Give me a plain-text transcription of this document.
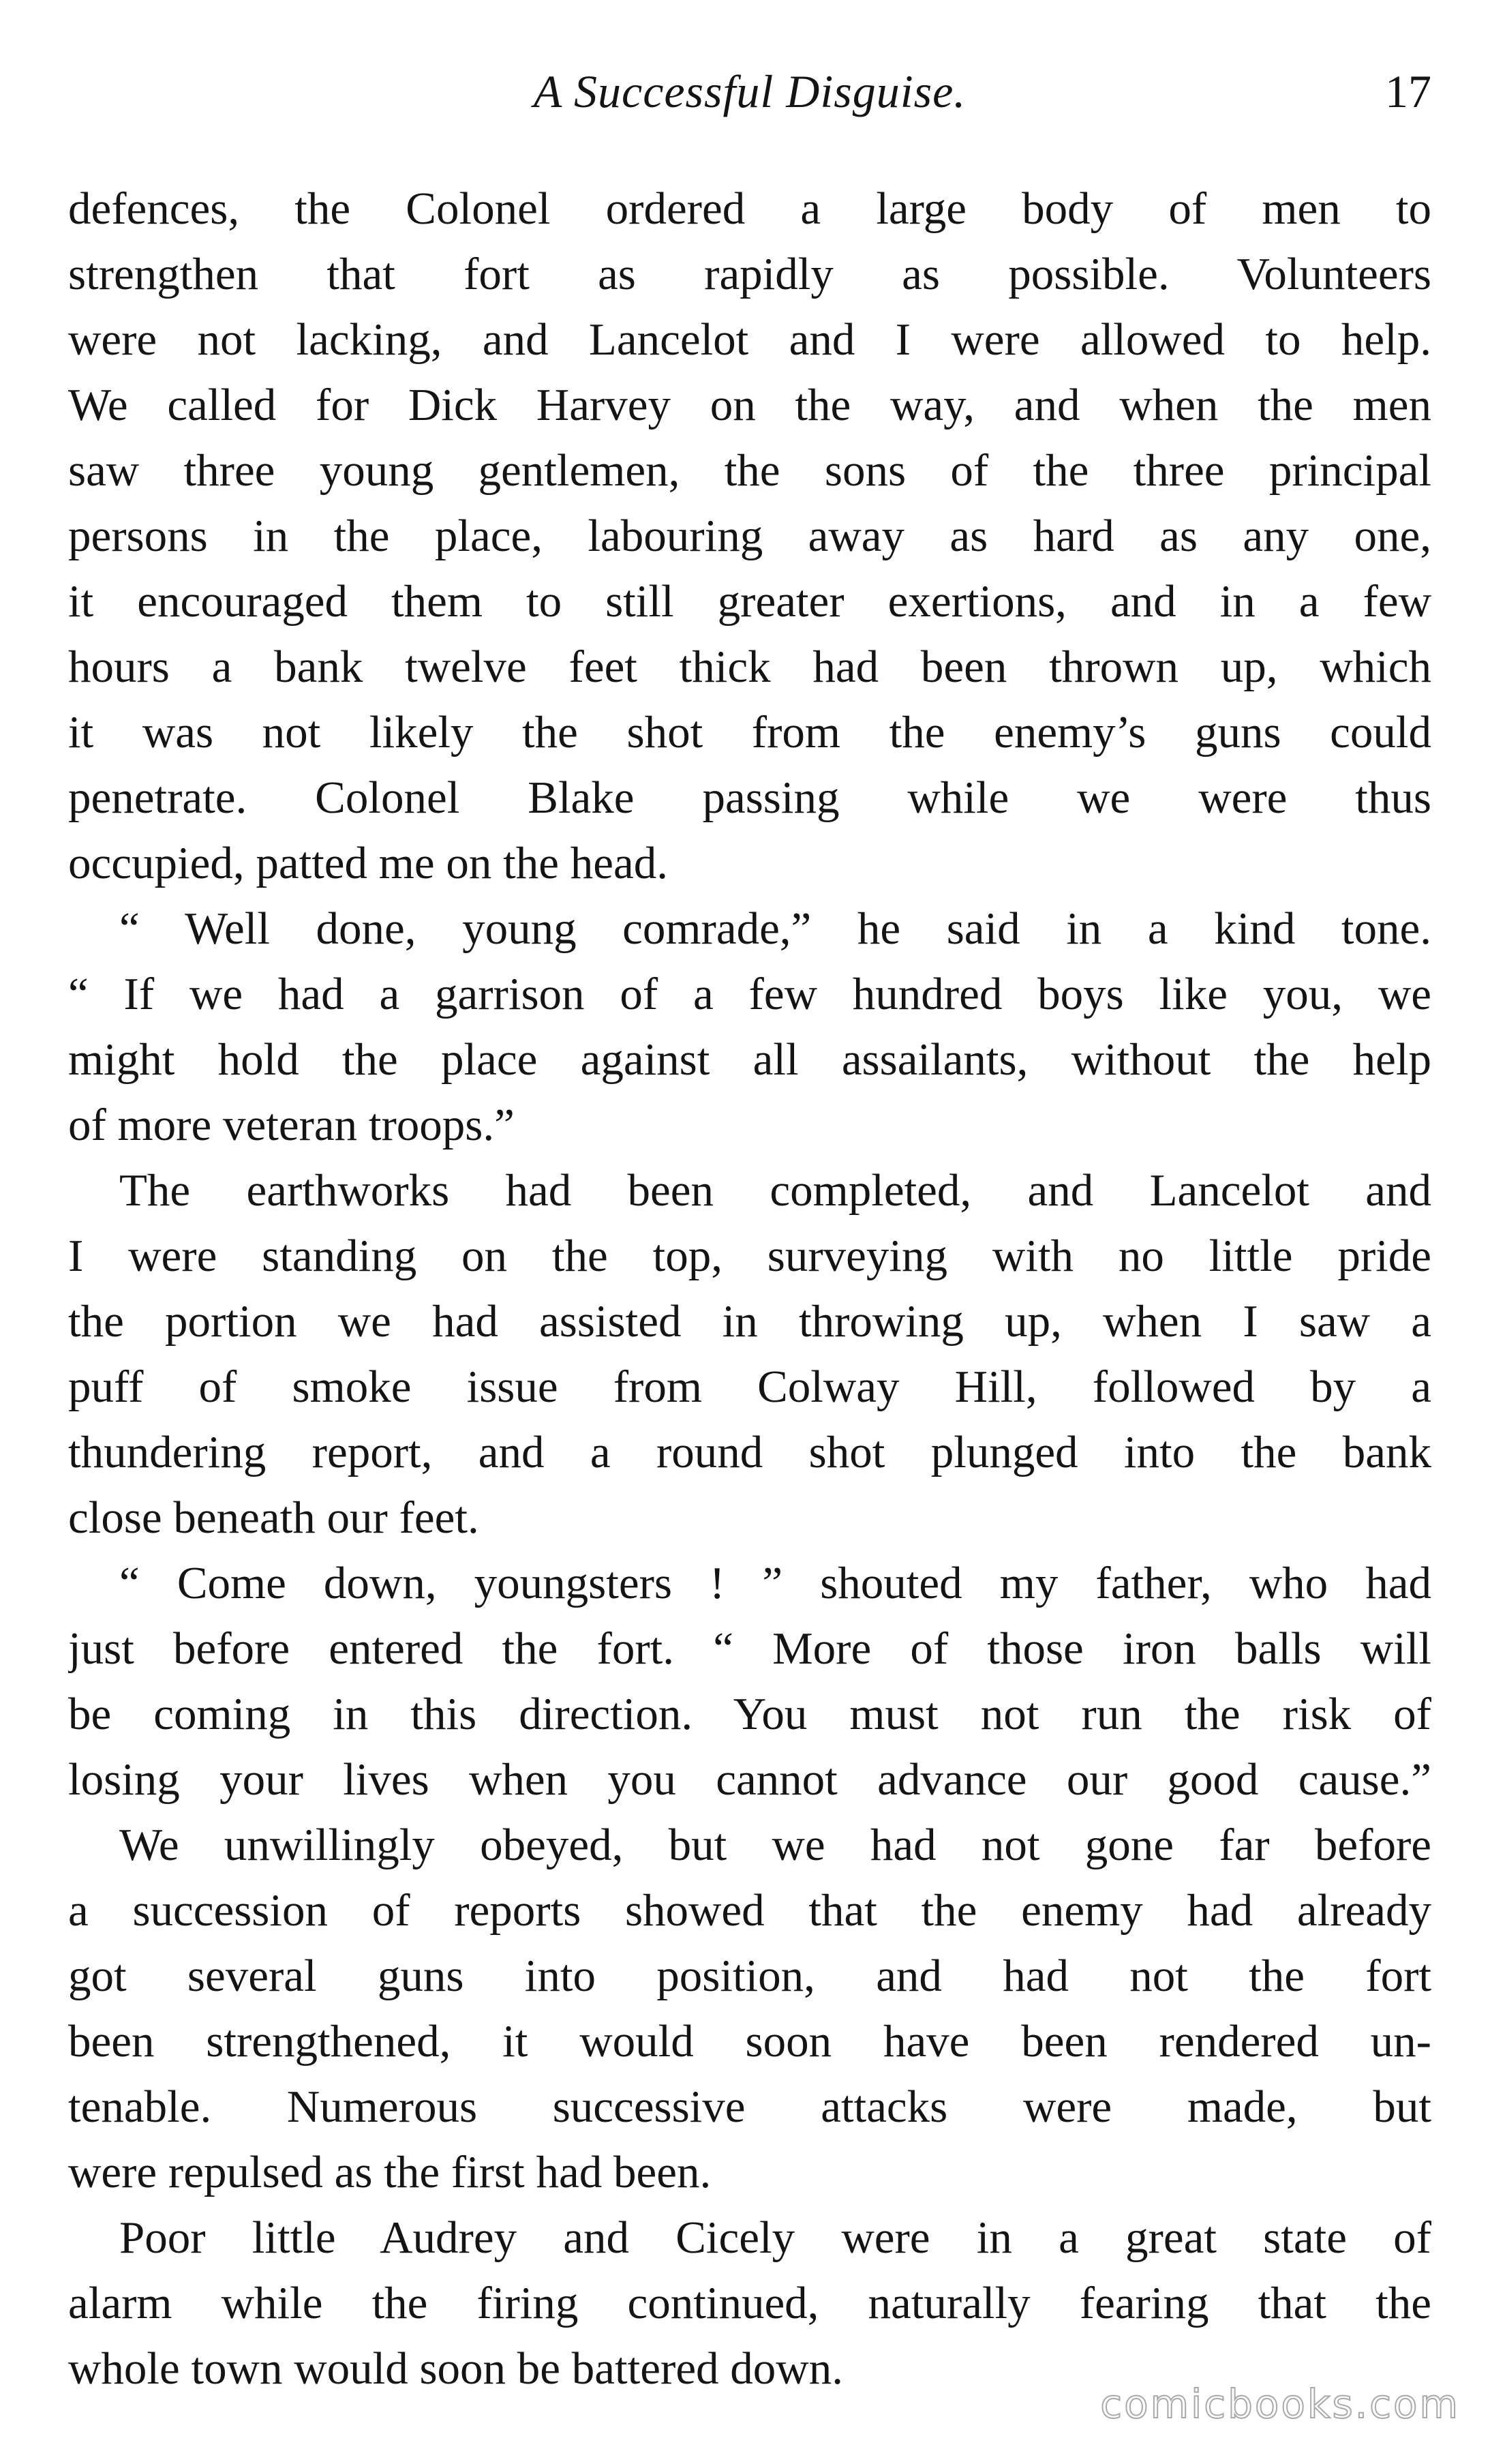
A Successful Disguise.	17
defences, the Colonel ordered a large body of men to
strengthen that fort as rapidly as possible. Volunteers
were not lacking, and Lancelot and I were allowed to help.
We called for Dick Harvey on the way, and when the men
saw three young gentlemen, the sons of the three principal
persons in the place, labouring away as hard as any one,
it encouraged them to still greater exertions, and in a few
hours a bank twelve feet thick had been thrown up, which
it was not likely the shot from the enemy’s guns could
penetrate. Colonel Blake passing while we were thus
occupied, patted me on the head.
“ Well done, young comrade,” he said in a kind tone.
“ If we had a garrison of a few hundred boys like you, we
might hold the place against all assailants, without the help
of more veteran troops.”
The earthworks had been completed, and Lancelot and
I were standing on the top, surveying with no little pride
the portion we had assisted in throwing up, when I saw a
puff of smoke issue from Colway Hill, followed by a
thundering report, and a round shot plunged into the bank
close beneath our feet.
“ Come down, youngsters ! ” shouted my father, who had
just before entered the fort. “ More of those iron balls will
be coming in this direction. You must not run the risk of
losing your lives when you cannot advance our good cause.”
We unwillingly obeyed, but we had not gone far before
a succession of reports showed that the enemy had already
got several guns into position, and had not the fort
been strengthened, it would soon have been rendered un-
tenable. Numerous successive attacks were made, but
were repulsed as the first had been.
Poor little Audrey and Cicely were in a great state of
alarm while the firing continued, naturally fearing that the
whole town would soon be battered down.
comicbooks.com
